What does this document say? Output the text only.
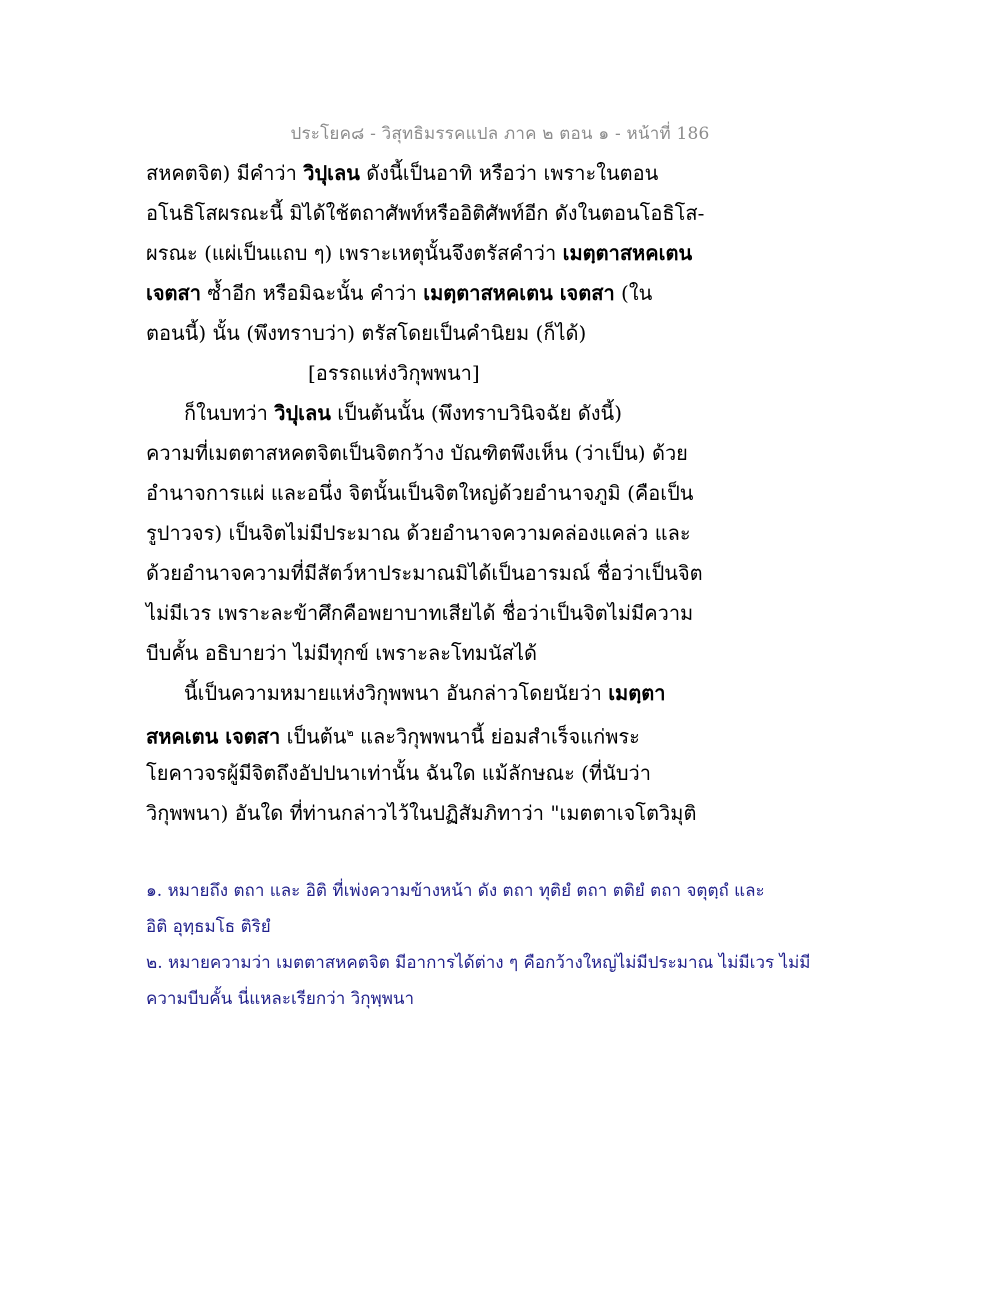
ประโยค๘ - วิสุทธิมรรคแปล ภาค ๒ ตอน ๑ - หน้าที่ 186
สหคตจิต) มีคำว่า วิปุเลน ดังนี้เป็นอาทิ หรือว่า เพราะในตอน
อโนธิโสผรณะนี้ มิได้ใช้ตถาศัพท์หรืออิติศัพท์อีก ดังในตอนโอธิโส-
ผรณะ (แผ่เป็นแถบ ๆ) เพราะเหตุนั้นจึงตรัสคำว่า เมตฺตาสหคเตน
เจตสา ซ้ำอีก หรือมิฉะนั้น คำว่า เมตฺตาสหคเตน เจตสา (ใน
ตอนนี้) นั้น (พึงทราบว่า) ตรัสโดยเป็นคำนิยม (ก็ได้)
[อรรถแห่งวิกุพพนา]
ก็ในบทว่า วิปุเลน เป็นต้นนั้น (พึงทราบวินิจฉัย ดังนี้)
ความที่เมตตาสหคตจิตเป็นจิตกว้าง บัณฑิตพึงเห็น (ว่าเป็น) ด้วย
อำนาจการแผ่ และอนึ่ง จิตนั้นเป็นจิตใหญ่ด้วยอำนาจภูมิ (คือเป็น
รูปาวจร) เป็นจิตไม่มีประมาณ ด้วยอำนาจความคล่องแคล่ว และ
ด้วยอำนาจความที่มีสัตว์หาประมาณมิได้เป็นอารมณ์ ชื่อว่าเป็นจิต
ไม่มีเวร เพราะละข้าศึกคือพยาบาทเสียได้ ชื่อว่าเป็นจิตไม่มีความ
บีบคั้น อธิบายว่า ไม่มีทุกข์ เพราะละโทมนัสได้
นี้เป็นความหมายแห่งวิกุพพนา อันกล่าวโดยนัยว่า เมตฺตา
สหคเตน เจตสา เป็นต้น$^๒$ และวิกุพพนานี้ ย่อมสำเร็จแก่พระ
โยคาวจรผู้มีจิตถึงอัปปนาเท่านั้น ฉันใด แม้ลักษณะ (ที่นับว่า
วิกุพพนา) อันใด ที่ท่านกล่าวไว้ในปฏิสัมภิทาว่า "เมตตาเจโตวิมุติ
๑. หมายถึง ตถา และ อิติ ที่เพ่งความข้างหน้า ดัง ตถา ทุติยํ ตถา ตติยํ ตถา จตุตฺถํ และ
อิติ อุทฺธมโธ ติริยํ
๒. หมายความว่า เมตตาสหคตจิต มีอาการได้ต่าง ๆ คือกว้างใหญ่ไม่มีประมาณ ไม่มีเวร ไม่มี
ความบีบคั้น นี่แหละเรียกว่า วิกุพฺพนา
